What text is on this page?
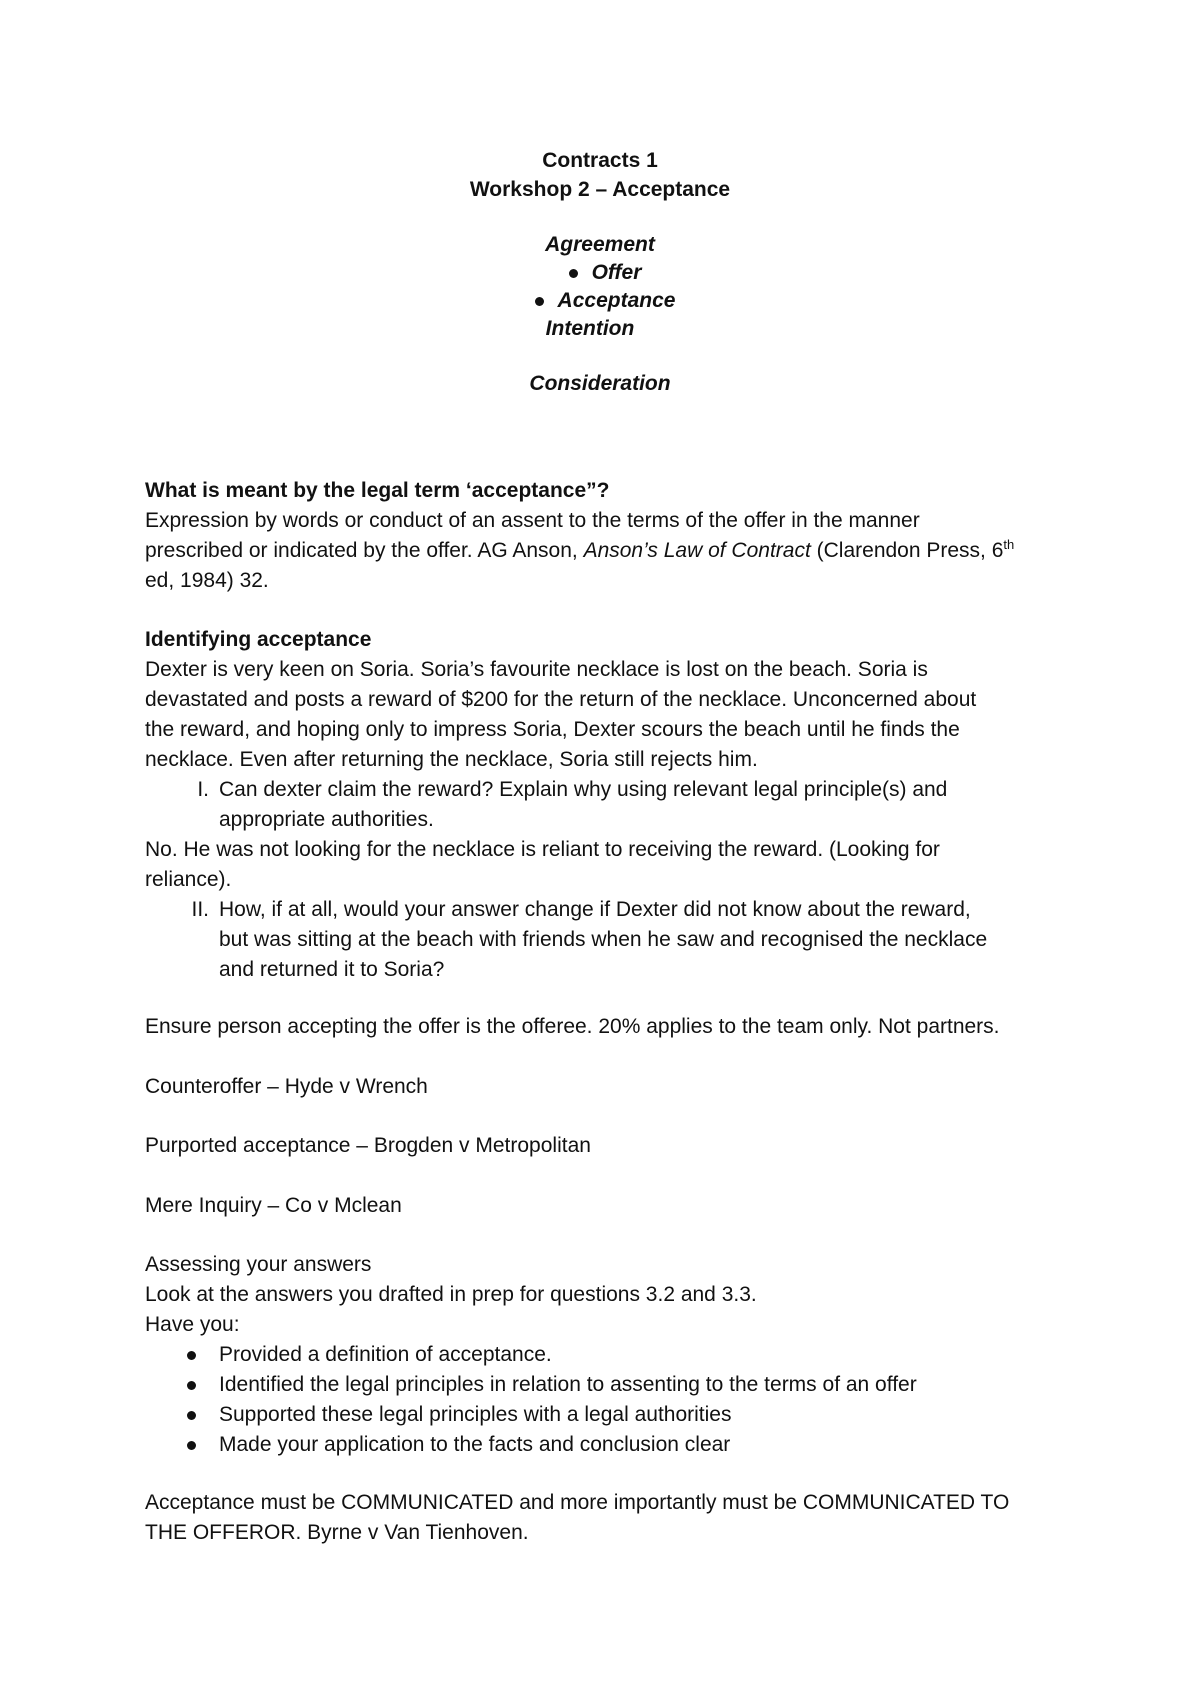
Contracts 1
Workshop 2 – Acceptance
Agreement
Offer
Acceptance
Intention
Consideration
What is meant by the legal term ‘acceptance”?
Expression by words or conduct of an assent to the terms of the offer in the manner
prescribed or indicated by the offer. AG Anson, Anson’s Law of Contract (Clarendon Press, 6th
ed, 1984) 32.
Identifying acceptance
Dexter is very keen on Soria. Soria’s favourite necklace is lost on the beach. Soria is
devastated and posts a reward of $200 for the return of the necklace. Unconcerned about
the reward, and hoping only to impress Soria, Dexter scours the beach until he finds the
necklace. Even after returning the necklace, Soria still rejects him.
I. Can dexter claim the reward? Explain why using relevant legal principle(s) and
appropriate authorities.
No. He was not looking for the necklace is reliant to receiving the reward. (Looking for
reliance).
II. How, if at all, would your answer change if Dexter did not know about the reward,
but was sitting at the beach with friends when he saw and recognised the necklace
and returned it to Soria?
Ensure person accepting the offer is the offeree. 20% applies to the team only. Not partners.
Counteroffer – Hyde v Wrench
Purported acceptance – Brogden v Metropolitan
Mere Inquiry – Co v Mclean
Assessing your answers
Look at the answers you drafted in prep for questions 3.2 and 3.3.
Have you:
Provided a definition of acceptance.
Identified the legal principles in relation to assenting to the terms of an offer
Supported these legal principles with a legal authorities
Made your application to the facts and conclusion clear
Acceptance must be COMMUNICATED and more importantly must be COMMUNICATED TO
THE OFFEROR. Byrne v Van Tienhoven.
